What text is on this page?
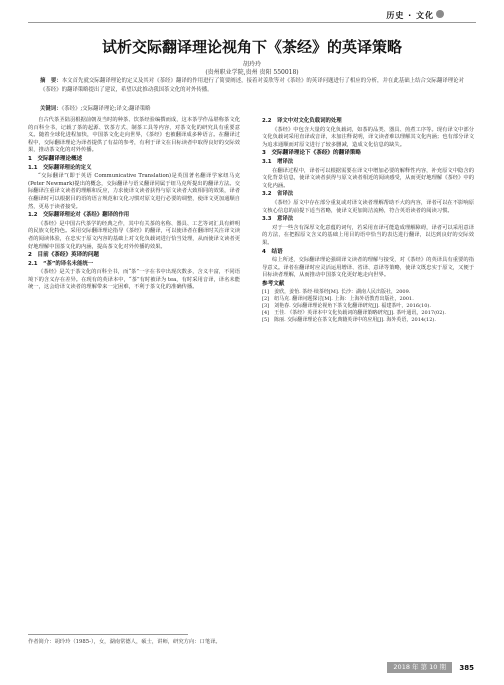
历史 · 文化
试析交际翻译理论视角下《茶经》的英译策略
胡玲玲
(贵州职业学院,贵州 贵阳 550018)
摘　要：本文首先就交际翻译理论的定义及其对《茶经》翻译的作用进行了简要阐述，接着对姜欣等对《茶经》的英译问题进行了相应的分析，并在此基础上结合交际翻译理论对《茶经》的翻译策略提出了建议，希望以此推动我国茶文化的对外传播。
关键词：《茶经》;交际翻译理论;译文;翻译策略

自古代茶圣陆羽根据前朝及当时的种茶、饮茶经验编撰而成，这本茶学作品堪称茶文化的百科全书，记载了茶的起源、饮茶方式、制茶工具等内容，对茶文化的研究具有重要意义。随着全球化进程加快，中国茶文化走向世界，《茶经》也被翻译成多种语言。在翻译过程中，交际翻译理论为译者提供了有益的参考，有利于译文在目标读者中取得良好的交际效果，推动茶文化的对外传播。

1　交际翻译理论概述
1.1　交际翻译理论的定义

“交际翻译”(即于英语 Communicative Translation)是英国著名翻译学家纽马克(Peter Newmark)提出的概念，交际翻译与语义翻译同属于纽马克所提出的翻译方法。交际翻译注重译文读者的理解和反应，力求使译文读者获得与原文读者大致相同的效果，译者在翻译时可以根据目的语的语言规范和文化习惯对原文进行必要的调整，使译文更加通顺自然，更易于读者接受。

1.2　交际翻译理论对《茶经》翻译的作用

《茶经》是中国古代茶学的经典之作，其中有关茶的名称、器具、工艺等词汇具有鲜明的民族文化特色。采用交际翻译理论指导《茶经》的翻译，可以使译者在翻译时关注译文读者的阅读体验，在忠实于原文内容的基础上对文化负载词进行恰当处理，从而使译文读者更好地理解中国茶文化的内涵，提高茶文化对外传播的效果。

2　目前《茶经》英译的问题
2.1　“茶”的译名未能统一

《茶经》是关于茶文化的百科全书，而“茶”一字在书中出现次数多，含义丰富，不同语境下的含义存在差异。在现有的英译本中，“茶”有时被译为 tea，有时采用音译，译名未能统一，这会给译文读者的理解带来一定困难，不利于茶文化的准确传播。

2.2　译文中对文化负载词的处理

《茶经》中包含大量的文化负载词，如茶的品类、器具、煎煮工序等。现有译文中部分文化负载词采用直译或音译，未加注释说明，译文读者难以理解其文化内涵；也有部分译文为追求通顺而对原文进行了较多删减，造成文化信息的缺失。

3　交际翻译理论下《茶经》的翻译策略
3.1　增译法

在翻译过程中，译者可以根据需要在译文中增加必要的解释性内容，补充原文中隐含的文化背景信息，使译文读者获得与原文读者相近的阅读感受，从而更好地理解《茶经》中的文化内涵。

3.2　省译法

《茶经》原文中存在部分重复或对译文读者理解帮助不大的内容，译者可以在不影响原文核心信息的前提下适当省略，使译文更加简洁流畅，符合英语读者的阅读习惯。

3.3　意译法

对于一些含有深厚文化意蕴的词句，若采用直译可能造成理解障碍，译者可以采用意译的方法，在把握原文含义的基础上用目的语中恰当的表达进行翻译，以达到良好的交际效果。

4　结语

综上所述，交际翻译理论强调译文读者的理解与接受，对《茶经》的英译具有重要的指导意义。译者在翻译时应灵活运用增译、省译、意译等策略，使译文既忠实于原文，又便于目标读者理解，从而推动中国茶文化更好地走向世界。

参考文献
[1]　姜欣，姜怡. 茶经·续茶经[M]. 长沙：湖南人民出版社，2009.
[2]　纽马克. 翻译问题探讨[M]. 上海：上海外语教育出版社，2001.
[3]　刘艳春. 交际翻译理论视角下茶文化翻译研究[J]. 福建茶叶，2016(10).
[4]　王佳. 《茶经》英译本中文化负载词的翻译策略研究[J]. 茶叶通讯，2017(02).
[5]　陈丽. 交际翻译理论在茶文化典籍英译中的应用[J]. 海外英语，2014(12).
作者简介：胡玲玲（1985-），女，湖南常德人，硕士，讲师，研究方向：口笔译。
2018 年 第 10 期	385
